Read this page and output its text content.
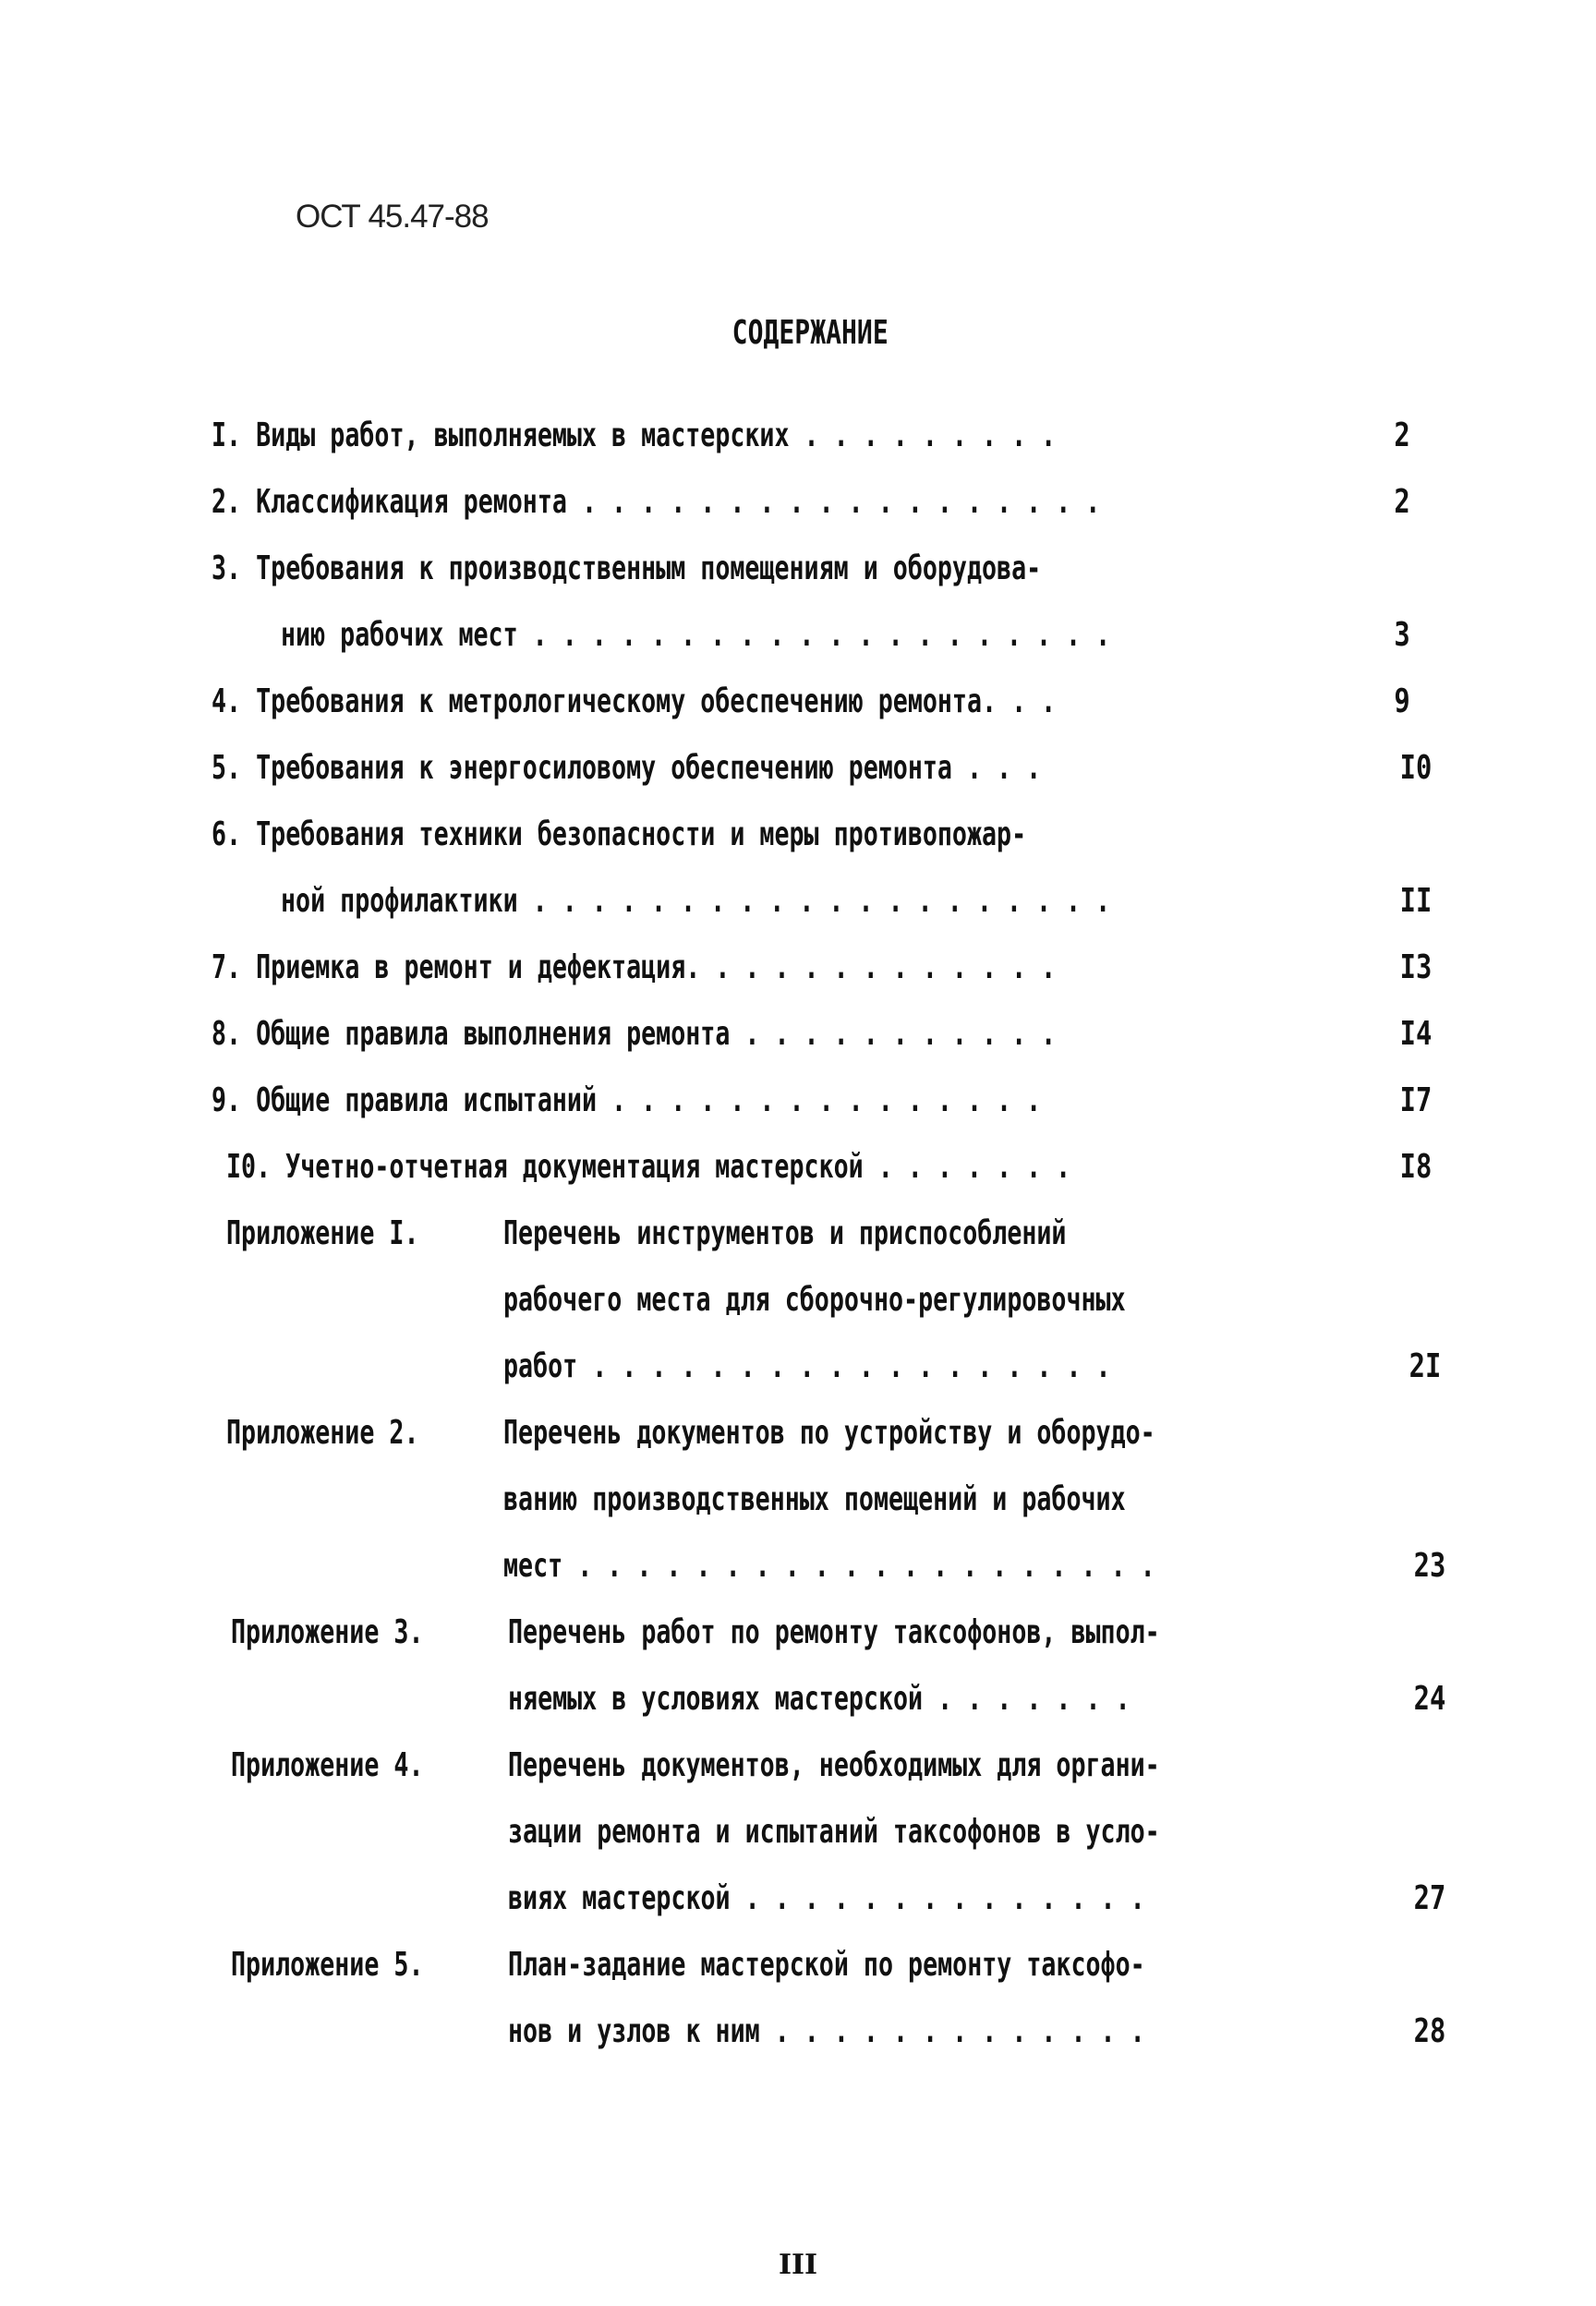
ОСТ 45.47-88
СОДЕРЖАНИЕ
I. Виды работ, выполняемых в мастерских . . . . . . . . .	2
2. Классификация ремонта . . . . . . . . . . . . . . . . . .	2
3. Требования к производственным помещениям и оборудова-
нию рабочих мест . . . . . . . . . . . . . . . . . . . .	3
4. Требования к метрологическому обеспечению ремонта. . .	9
5. Требования к энергосиловому обеспечению ремонта . . .	I0
6. Требования техники безопасности и меры противопожар-
ной профилактики . . . . . . . . . . . . . . . . . . . .	II
7. Приемка в ремонт и дефектация. . . . . . . . . . . . .	I3
8. Общие правила выполнения ремонта . . . . . . . . . . .	I4
9. Общие правила испытаний . . . . . . . . . . . . . . .	I7
I0. Учетно-отчетная документация мастерской . . . . . . .	I8
Приложение I.	Перечень инструментов и приспособлений
рабочего места для сборочно-регулировочных
работ . . . . . . . . . . . . . . . . . .	2I
Приложение 2.	Перечень документов по устройству и оборудо-
ванию производственных помещений и рабочих
мест . . . . . . . . . . . . . . . . . . . .	23
Приложение 3.	Перечень работ по ремонту таксофонов, выпол-
няемых в условиях мастерской . . . . . . .	24
Приложение 4.	Перечень документов, необходимых для органи-
зации ремонта и испытаний таксофонов в усло-
виях мастерской . . . . . . . . . . . . . .	27
Приложение 5.	План-задание мастерской по ремонту таксофо-
нов и узлов к ним . . . . . . . . . . . . .	28
III
